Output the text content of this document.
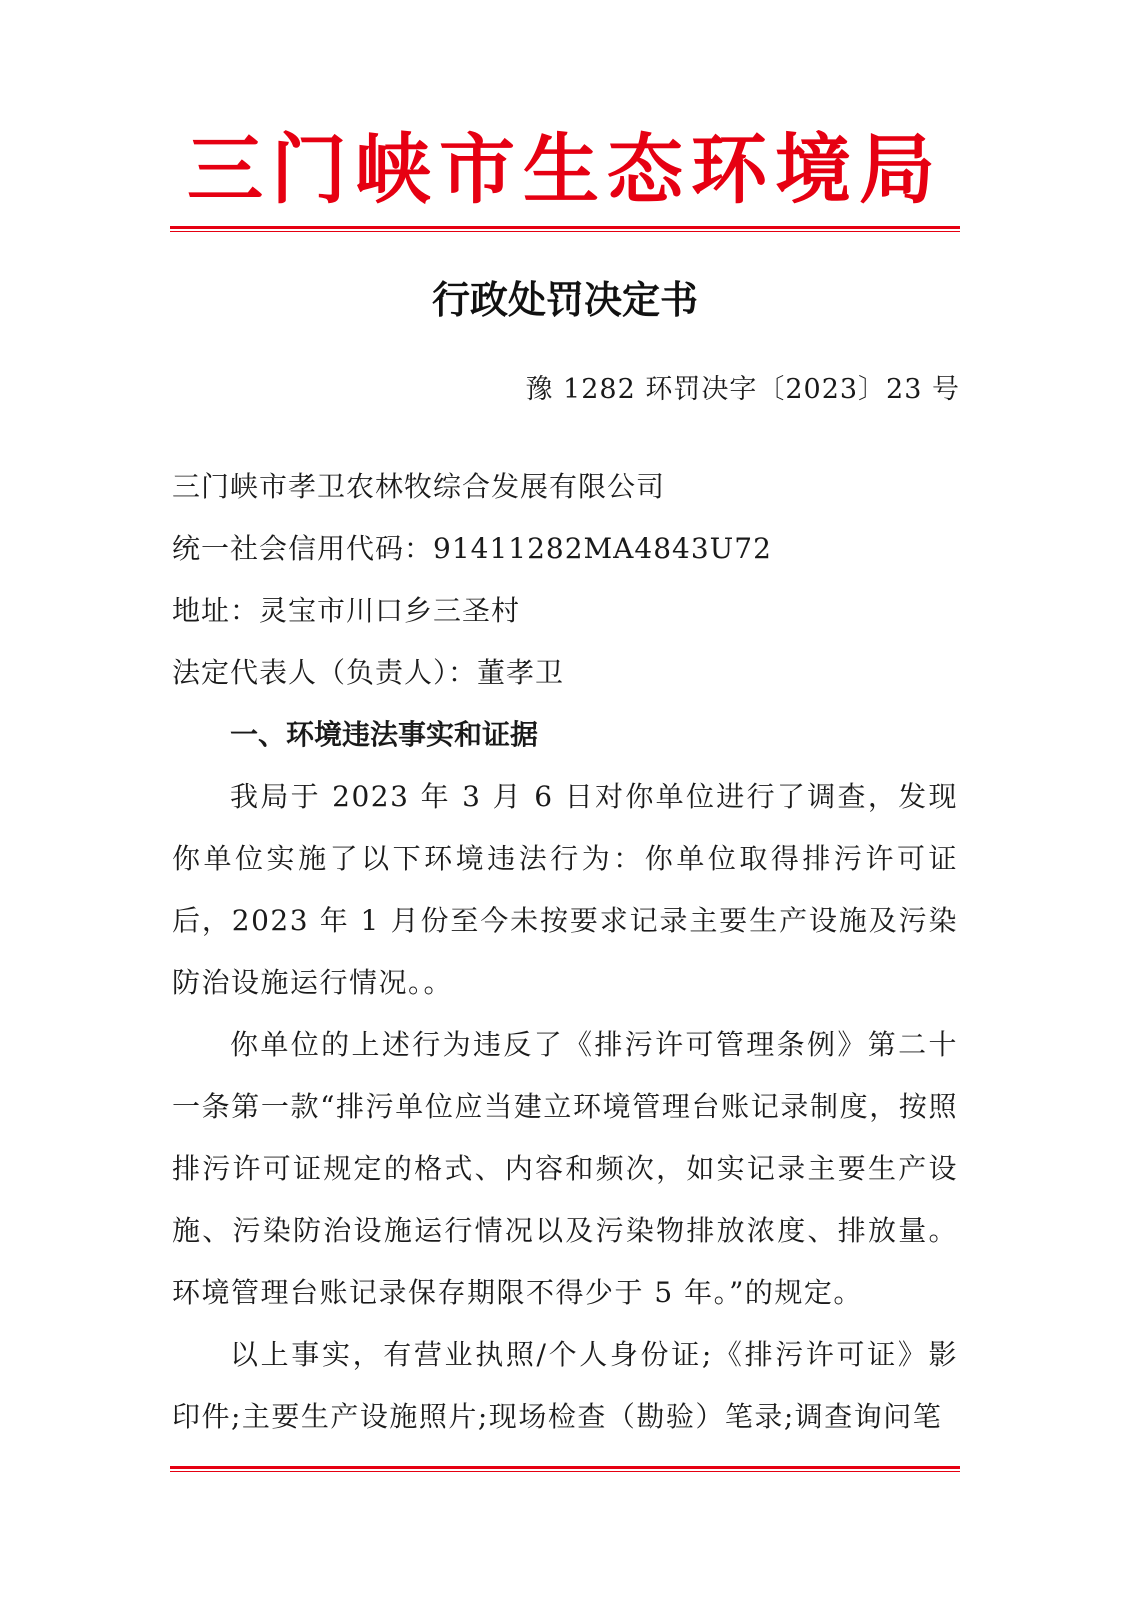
三门峡市生态环境局
行政处罚决定书
豫 1282 环罚决字〔2023〕23 号

三门峡市孝卫农林牧综合发展有限公司

统一社会信用代码：91411282MA4843U72

地址：灵宝市川口乡三圣村

法定代表人（负责人）：董孝卫

一、环境违法事实和证据

我局于 2023 年 3 月 6 日对你单位进行了调查，发现你单位实施了以下环境违法行为：你单位取得排污许可证后，2023 年 1 月份至今未按要求记录主要生产设施及污染防治设施运行情况。。

你单位的上述行为违反了《排污许可管理条例》第二十一条第一款“排污单位应当建立环境管理台账记录制度，按照排污许可证规定的格式、内容和频次，如实记录主要生产设施、污染防治设施运行情况以及污染物排放浓度、排放量。环境管理台账记录保存期限不得少于 5 年。”的规定。

以上事实，有营业执照/个人身份证;《排污许可证》影印件;主要生产设施照片;现场检查（勘验）笔录;调查询问笔
